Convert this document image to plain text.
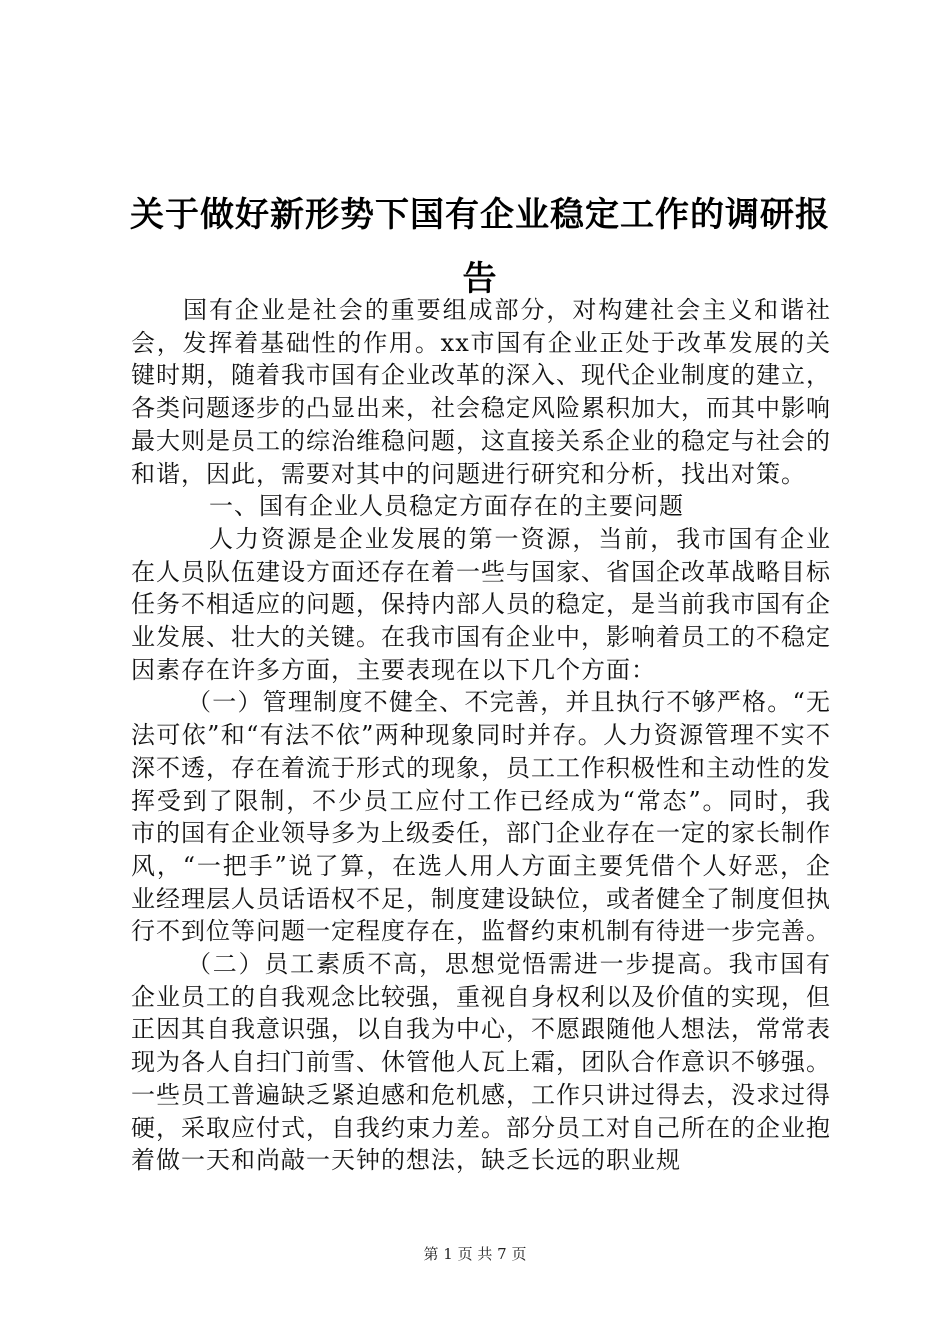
关于做好新形势下国有企业稳定工作的调研报告

国有企业是社会的重要组成部分，对构建社会主义和谐社会，发挥着基础性的作用。xx市国有企业正处于改革发展的关键时期，随着我市国有企业改革的深入、现代企业制度的建立，各类问题逐步的凸显出来，社会稳定风险累积加大，而其中影响最大则是员工的综治维稳问题，这直接关系企业的稳定与社会的和谐，因此，需要对其中的问题进行研究和分析，找出对策。

一、国有企业人员稳定方面存在的主要问题

人力资源是企业发展的第一资源，当前，我市国有企业在人员队伍建设方面还存在着一些与国家、省国企改革战略目标任务不相适应的问题，保持内部人员的稳定，是当前我市国有企业发展、壮大的关键。在我市国有企业中，影响着员工的不稳定因素存在许多方面，主要表现在以下几个方面：

（一）管理制度不健全、不完善，并且执行不够严格。“无法可依”和“有法不依”两种现象同时并存。人力资源管理不实不深不透，存在着流于形式的现象，员工工作积极性和主动性的发挥受到了限制，不少员工应付工作已经成为“常态”。同时，我市的国有企业领导多为上级委任，部门企业存在一定的家长制作风，“一把手”说了算，在选人用人方面主要凭借个人好恶，企业经理层人员话语权不足，制度建设缺位，或者健全了制度但执行不到位等问题一定程度存在，监督约束机制有待进一步完善。

（二）员工素质不高，思想觉悟需进一步提高。我市国有企业员工的自我观念比较强，重视自身权利以及价值的实现，但正因其自我意识强，以自我为中心，不愿跟随他人想法，常常表现为各人自扫门前雪、休管他人瓦上霜，团队合作意识不够强。一些员工普遍缺乏紧迫感和危机感，工作只讲过得去，没求过得硬，采取应付式，自我约束力差。部分员工对自己所在的企业抱着做一天和尚敲一天钟的想法，缺乏长远的职业规

第 1 页 共 7 页
